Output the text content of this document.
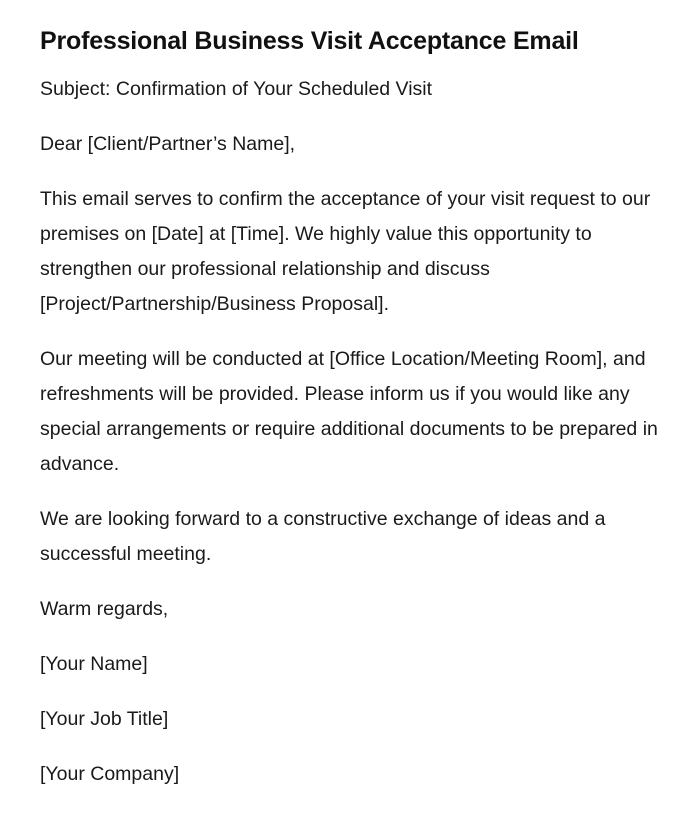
Professional Business Visit Acceptance Email

Subject: Confirmation of Your Scheduled Visit

Dear [Client/Partner’s Name],

This email serves to confirm the acceptance of your visit request to our premises on [Date] at [Time]. We highly value this opportunity to strengthen our professional relationship and discuss [Project/Partnership/Business Proposal].

Our meeting will be conducted at [Office Location/Meeting Room], and refreshments will be provided. Please inform us if you would like any special arrangements or require additional documents to be prepared in advance.

We are looking forward to a constructive exchange of ideas and a successful meeting.

Warm regards,

[Your Name]

[Your Job Title]

[Your Company]
